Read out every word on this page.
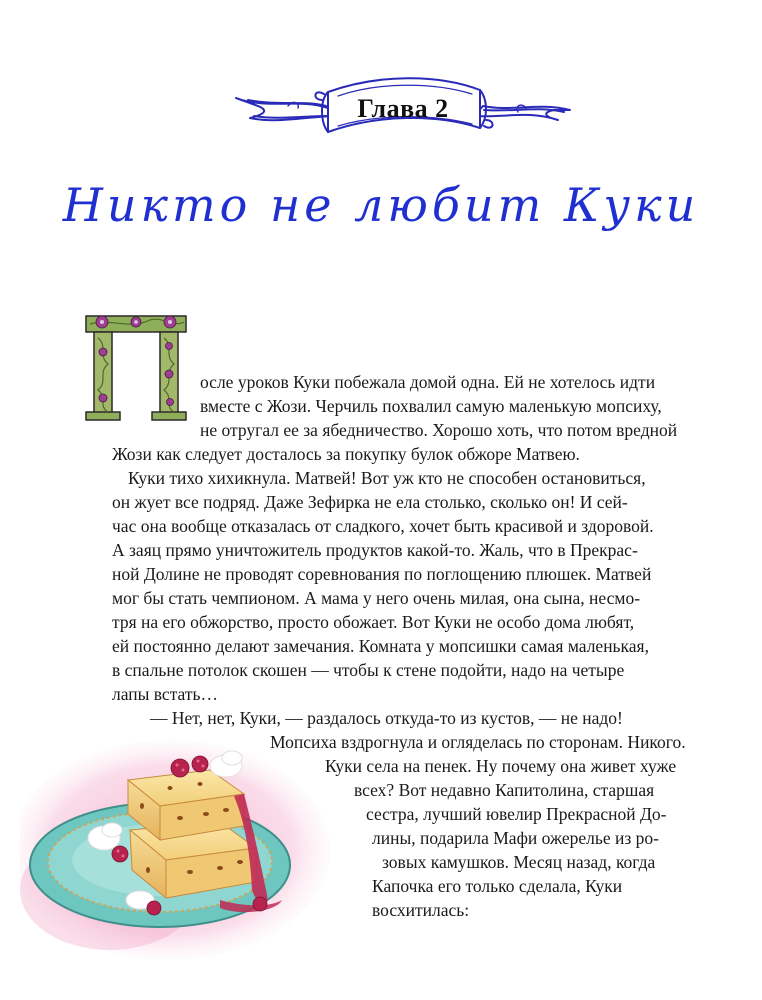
Глава 2
Никто не любит Куки
осле уроков Куки побежала домой одна. Ей не хотелось идти
вместе с Жози. Черчиль похвалил самую маленькую мопсиху,
не отругал ее за ябедничество. Хорошо хоть, что потом вредной
Жози как следует досталось за покупку булок обжоре Матвею.
Куки тихо хихикнула. Матвей! Вот уж кто не способен остановиться,
он жует все подряд. Даже Зефирка не ела столько, сколько он! И сей-
час она вообще отказалась от сладкого, хочет быть красивой и здоровой.
А заяц прямо уничтожитель продуктов какой-то. Жаль, что в Прекрас-
ной Долине не проводят соревнования по поглощению плюшек. Матвей
мог бы стать чемпионом. А мама у него очень милая, она сына, несмо-
тря на его обжорство, просто обожает. Вот Куки не особо дома любят,
ей постоянно делают замечания. Комната у мопсишки самая маленькая,
в спальне потолок скошен — чтобы к стене подойти, надо на четыре
лапы встать…
— Нет, нет, Куки, — раздалось откуда-то из кустов, — не надо!
Мопсиха вздрогнула и огляделась по сторонам. Никого.
Куки села на пенек. Ну почему она живет хуже
всех? Вот недавно Капитолина, старшая
сестра, лучший ювелир Прекрасной До-
лины, подарила Мафи ожерелье из ро-
зовых камушков. Месяц назад, когда
Капочка его только сделала, Куки
восхитилась:
